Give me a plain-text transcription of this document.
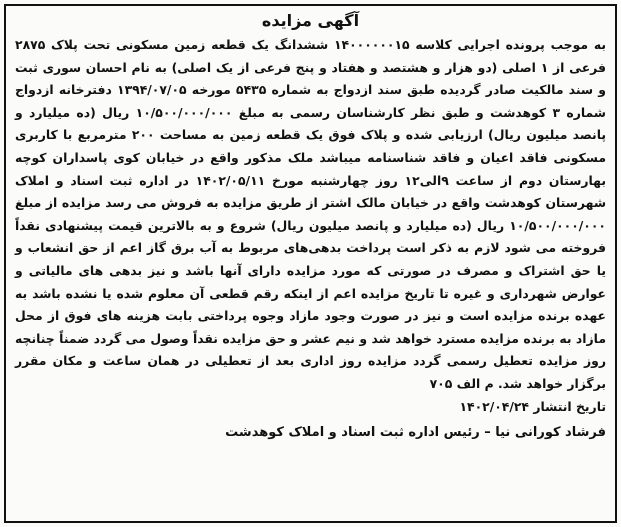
آگهی مزایده

به موجب پرونده اجرایی کلاسه ۱۴۰۰۰۰۰۰۱۵ ششدانگ یک قطعه زمین مسکونی تحت پلاک ۲۸۷۵ فرعی از ۱ اصلی (دو هزار و هشتصد و هفتاد و پنج فرعی از یک اصلی) به نام احسان سوری ثبت و سند مالکیت صادر گردیده طبق سند ازدواج به شماره ۵۴۳۵ مورخه ۱۳۹۴/۰۷/۰۵ دفترخانه ازدواج شماره ۳ کوهدشت و طبق نظر کارشناسان رسمی به مبلغ ۱۰/۵۰۰/۰۰۰/۰۰۰ ریال (ده میلیارد و پانصد میلیون ریال) ارزیابی شده و پلاک فوق یک قطعه زمین به مساحت ۲۰۰ مترمربع با کاربری مسکونی فاقد اعیان و فاقد شناسنامه میباشد ملک مذکور واقع در خیابان کوی پاسداران کوچه بهارستان دوم از ساعت ۹الی۱۲ روز چهارشنبه مورخ ۱۴۰۲/۰۵/۱۱ در اداره ثبت اسناد و املاک شهرستان کوهدشت واقع در خیابان مالک اشتر از طریق مزایده به فروش می رسد مزایده از مبلغ ۱۰/۵۰۰/۰۰۰/۰۰۰ ریال (ده میلیارد و پانصد میلیون ریال) شروع و به بالاترین قیمت پیشنهادی نقداً فروخته می شود لازم به ذکر است پرداخت بدهی‌های مربوط به آب برق گاز اعم از حق انشعاب و یا حق اشتراک و مصرف در صورتی که مورد مزایده دارای آنها باشد و نیز بدهی های مالیاتی و عوارض شهرداری و غیره تا تاریخ مزایده اعم از اینکه رقم قطعی آن معلوم شده یا نشده باشد به عهده برنده مزایده است و نیز در صورت وجود مازاد وجوه پرداختی بابت هزینه های فوق از محل مازاد به برنده مزایده مسترد خواهد شد و نیم عشر و حق مزایده نقداً وصول می گردد ضمناً چنانچه روز مزایده تعطیل رسمی گردد مزایده روز اداری بعد از تعطیلی در همان ساعت و مکان مقرر برگزار خواهد شد. م الف ۷۰۵

تاریخ انتشار ۱۴۰۲/۰۴/۲۴

فرشاد کورانی نیا – رئیس اداره ثبت اسناد و املاک کوهدشت
